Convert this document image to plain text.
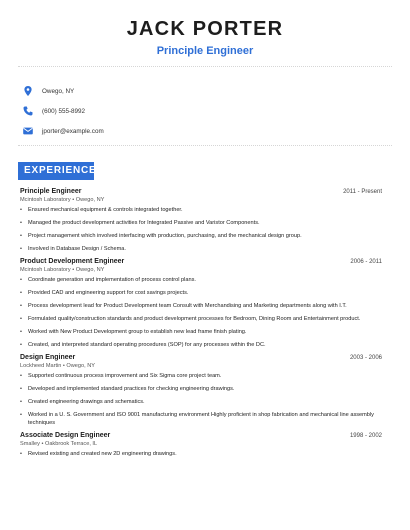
JACK PORTER
Principle Engineer
Owego, NY
(600) 555-8992
jporter@example.com
EXPERIENCE
Principle Engineer	2011 - Present
Mcintosh Laboratory • Owego, NY
• Ensured mechanical equipment & controls integrated together.
• Managed the product development activities for Integrated Passive and Varistor Components.
• Project management which involved interfacing with production, purchasing, and the mechanical design group.
• Involved in Database Design / Schema.
Product Development Engineer	2006 - 2011
Mcintosh Laboratory • Owego, NY
• Coordinate generation and implementation of process control plans.
• Provided CAD and engineering support for cost savings projects.
• Process development lead for Product Development team Consult with Merchandising and Marketing departments along with I.T.
• Formulated quality/construction standards and product development processes for Bedroom, Dining Room and Entertainment product.
• Worked with New Product Development group to establish new lead frame finish plating.
• Created, and interpreted standard operating procedures (SOP) for any processes within the DC.
Design Engineer	2003 - 2006
Lockheed Martin • Owego, NY
• Supported continuous process improvement and Six Sigma core project team.
• Developed and implemented standard practices for checking engineering drawings.
• Created engineering drawings and schematics.
• Worked in a U. S. Government and ISO 9001 manufacturing environment Highly proficient in shop fabrication and mechanical line assembly techniques
Associate Design Engineer	1998 - 2002
Smalley • Oakbrook Terrace, IL
• Revised existing and created new 2D engineering drawings.
